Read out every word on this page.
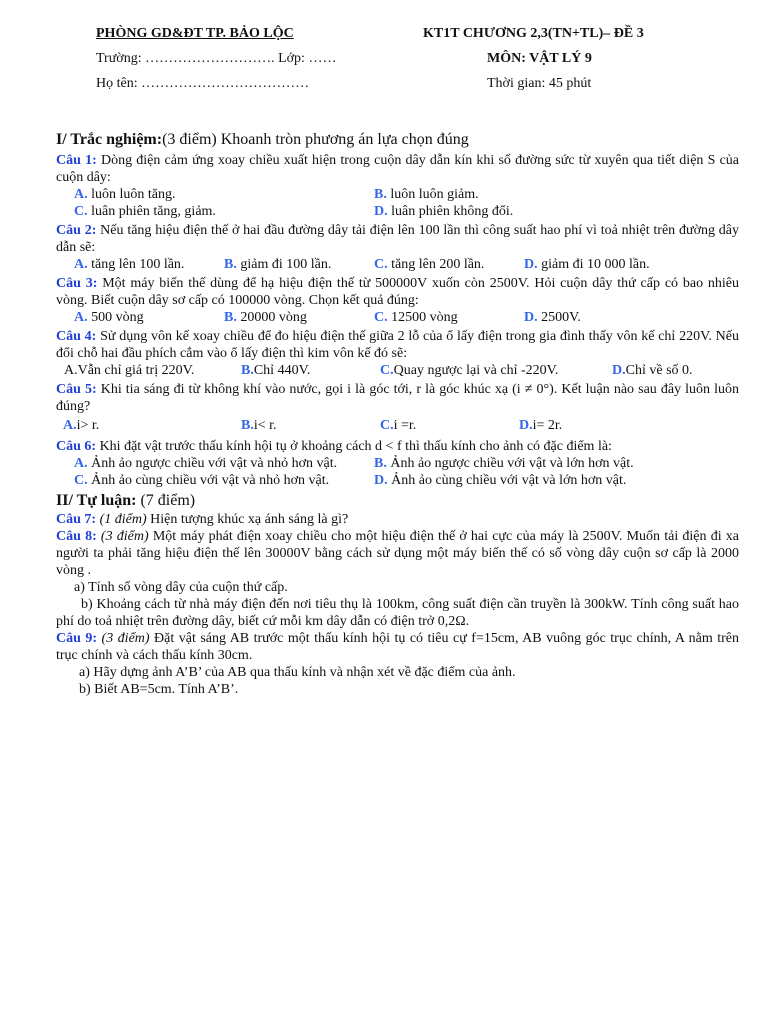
PHÒNG GD&ĐT TP. BẢO LỘC	KT1T CHƯƠNG 2,3(TN+TL)– ĐỀ 3
Trường: ………………………. Lớp: ……	MÔN: VẬT LÝ 9
Họ tên: ………………………………	Thời gian: 45 phút
I/ Trắc nghiệm:(3 điểm) Khoanh tròn phương án lựa chọn đúng
Câu 1: Dòng điện cảm ứng xoay chiều xuất hiện trong cuộn dây dẫn kín khi số đường sức từ xuyên qua tiết diện S của cuộn dây:
A. luôn luôn tăng.	B. luôn luôn giảm.
C. luân phiên tăng, giảm.	D. luân phiên không đổi.
Câu 2: Nếu tăng hiệu điện thế ở hai đầu đường dây tải điện lên 100 lần thì công suất hao phí vì toả nhiệt trên đường dây dẫn sẽ:
A. tăng lên 100 lần.	B. giảm đi 100 lần.	C. tăng lên 200 lần.	D. giảm đi 10 000 lần.
Câu 3: Một máy biến thế dùng để hạ hiệu điện thế từ 500000V xuốn còn 2500V. Hỏi cuộn dây thứ cấp có bao nhiêu vòng. Biết cuộn dây sơ cấp có 100000 vòng. Chọn kết quả đúng:
A. 500 vòng	B. 20000 vòng	C. 12500 vòng	D. 2500V.
Câu 4: Sử dụng vôn kế xoay chiều để đo hiệu điện thế giữa 2 lỗ của ổ lấy điện trong gia đình thấy vôn kế chỉ 220V. Nếu đổi chỗ hai đầu phích cắm vào ổ lấy điện thì kim vôn kế đó sẽ:
A.Vẫn chỉ giá trị 220V.	B.Chỉ 440V.	C.Quay ngược lại và chỉ -220V.	D.Chỉ về số 0.
Câu 5: Khi tia sáng đi từ không khí vào nước, gọi i là góc tới, r là góc khúc xạ (i ≠ 0°). Kết luận nào sau đây luôn luôn đúng?
A.i> r.	B.i< r.	C.i =r.	D.i= 2r.
Câu 6: Khi đặt vật trước thấu kính hội tụ ở khoảng cách d < f thì thấu kính cho ảnh có đặc điểm là:
A. Ảnh ảo ngược chiều với vật và nhỏ hơn vật.	B. Ảnh ảo ngược chiều với vật và lớn hơn vật.
C. Ảnh ảo cùng chiều với vật và nhỏ hơn vật.	D. Ảnh ảo cùng chiều với vật và lớn hơn vật.
II/ Tự luận: (7 điểm)
Câu 7: (1 điểm) Hiện tượng khúc xạ ánh sáng là gì?
Câu 8: (3 điểm) Một máy phát điện xoay chiều cho một hiệu điện thế ở hai cực của máy là 2500V. Muốn tải điện đi xa người ta phải tăng hiệu điện thế lên 30000V bằng cách sử dụng một máy biến thế có số vòng dây cuộn sơ cấp là 2000 vòng .
a) Tính số vòng dây của cuộn thứ cấp.
b) Khoảng cách từ nhà máy điện đến nơi tiêu thụ là 100km, công suất điện cần truyền là 300kW. Tính công suất hao phí do toả nhiệt trên đường dây, biết cứ mỗi km dây dẫn có điện trở 0,2Ω.
Câu 9: (3 điểm) Đặt vật sáng AB trước một thấu kính hội tụ có tiêu cự f=15cm, AB vuông góc trục chính, A nằm trên trục chính và cách thấu kính 30cm.
a) Hãy dựng ảnh A’B’ của AB qua thấu kính và nhận xét về đặc điểm của ảnh.
b) Biết AB=5cm. Tính A’B’.
